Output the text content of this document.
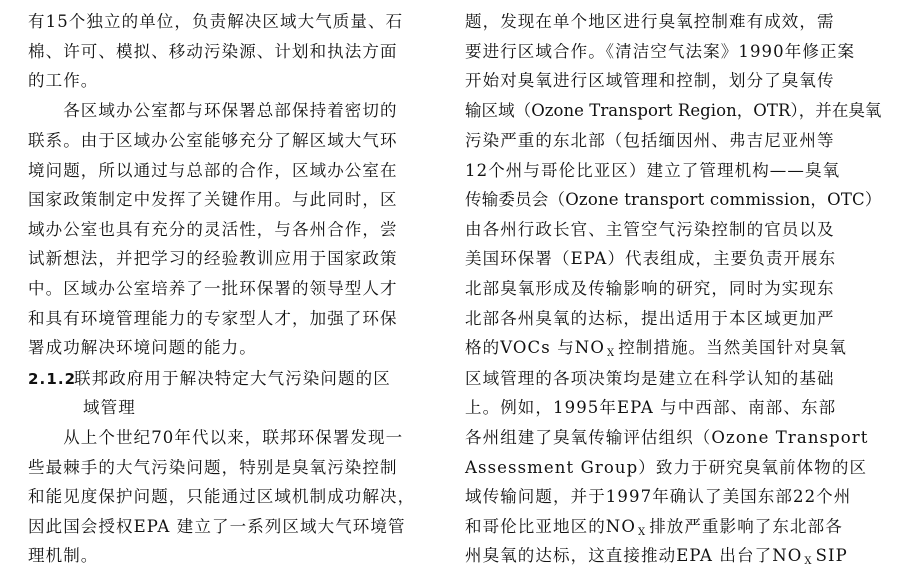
有15个独立的单位，负责解决区域大气质量、石
棉、许可、模拟、移动污染源、计划和执法方面
的工作。
　　各区域办公室都与环保署总部保持着密切的
联系。由于区域办公室能够充分了解区域大气环
境问题，所以通过与总部的合作，区域办公室在
国家政策制定中发挥了关键作用。与此同时，区
域办公室也具有充分的灵活性，与各州合作，尝
试新想法，并把学习的经验教训应用于国家政策
中。区域办公室培养了一批环保署的领导型人才
和具有环境管理能力的专家型人才，加强了环保
署成功解决环境问题的能力。
2.1.2联邦政府用于解决特定大气污染问题的区
域管理
　　从上个世纪70年代以来，联邦环保署发现一
些最棘手的大气污染问题，特别是臭氧污染控制
和能见度保护问题，只能通过区域机制成功解决，
因此国会授权EPA 建立了一系列区域大气环境管
理机制。
题，发现在单个地区进行臭氧控制难有成效，需
要进行区域合作。《清洁空气法案》1990年修正案
开始对臭氧进行区域管理和控制，划分了臭氧传
输区域（Ozone Transport Region，OTR），并在臭氧
污染严重的东北部（包括缅因州、弗吉尼亚州等
12个州与哥伦比亚区）建立了管理机构——臭氧
传输委员会（Ozone transport commission，OTC）
由各州行政长官、主管空气污染控制的官员以及
美国环保署（EPA）代表组成，主要负责开展东
北部臭氧形成及传输影响的研究，同时为实现东
北部各州臭氧的达标，提出适用于本区域更加严
格的VOCs 与NO $_X$ 控制措施。当然美国针对臭氧
区域管理的各项决策均是建立在科学认知的基础
上。例如，1995年EPA 与中西部、南部、东部
各州组建了臭氧传输评估组织（Ozone Transport
Assessment Group）致力于研究臭氧前体物的区
域传输问题，并于1997年确认了美国东部22个州
和哥伦比亚地区的NO $_X$ 排放严重影响了东北部各
州臭氧的达标，这直接推动EPA 出台了NO $_X$ SIP
